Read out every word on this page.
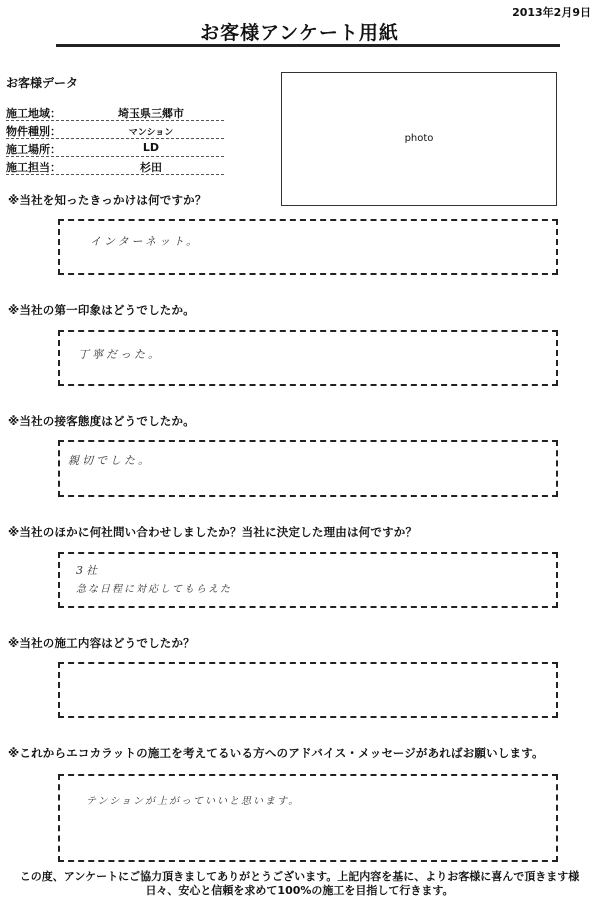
2013年2月9日
お客様アンケート用紙
お客様データ
施工地域：	埼玉県三郷市
物件種別：	マンション
施工場所：	LD
施工担当：	杉田
photo
※当社を知ったきっかけは何ですか？
インターネット。
※当社の第一印象はどうでしたか。
丁寧だった。
※当社の接客態度はどうでしたか。
親切でした。
※当社のほかに何社問い合わせしましたか？当社に決定した理由は何ですか？
3社
急な日程に対応してもらえた
※当社の施工内容はどうでしたか？
※これからエコカラットの施工を考えてるいる方へのアドバイス・メッセージがあればお願いします。
テンションが上がっていいと思います。
この度、アンケートにご協力頂きましてありがとうございます。上記内容を基に、よりお客様に喜んで頂きます様
日々、安心と信頼を求めて100%の施工を目指して行きます。
